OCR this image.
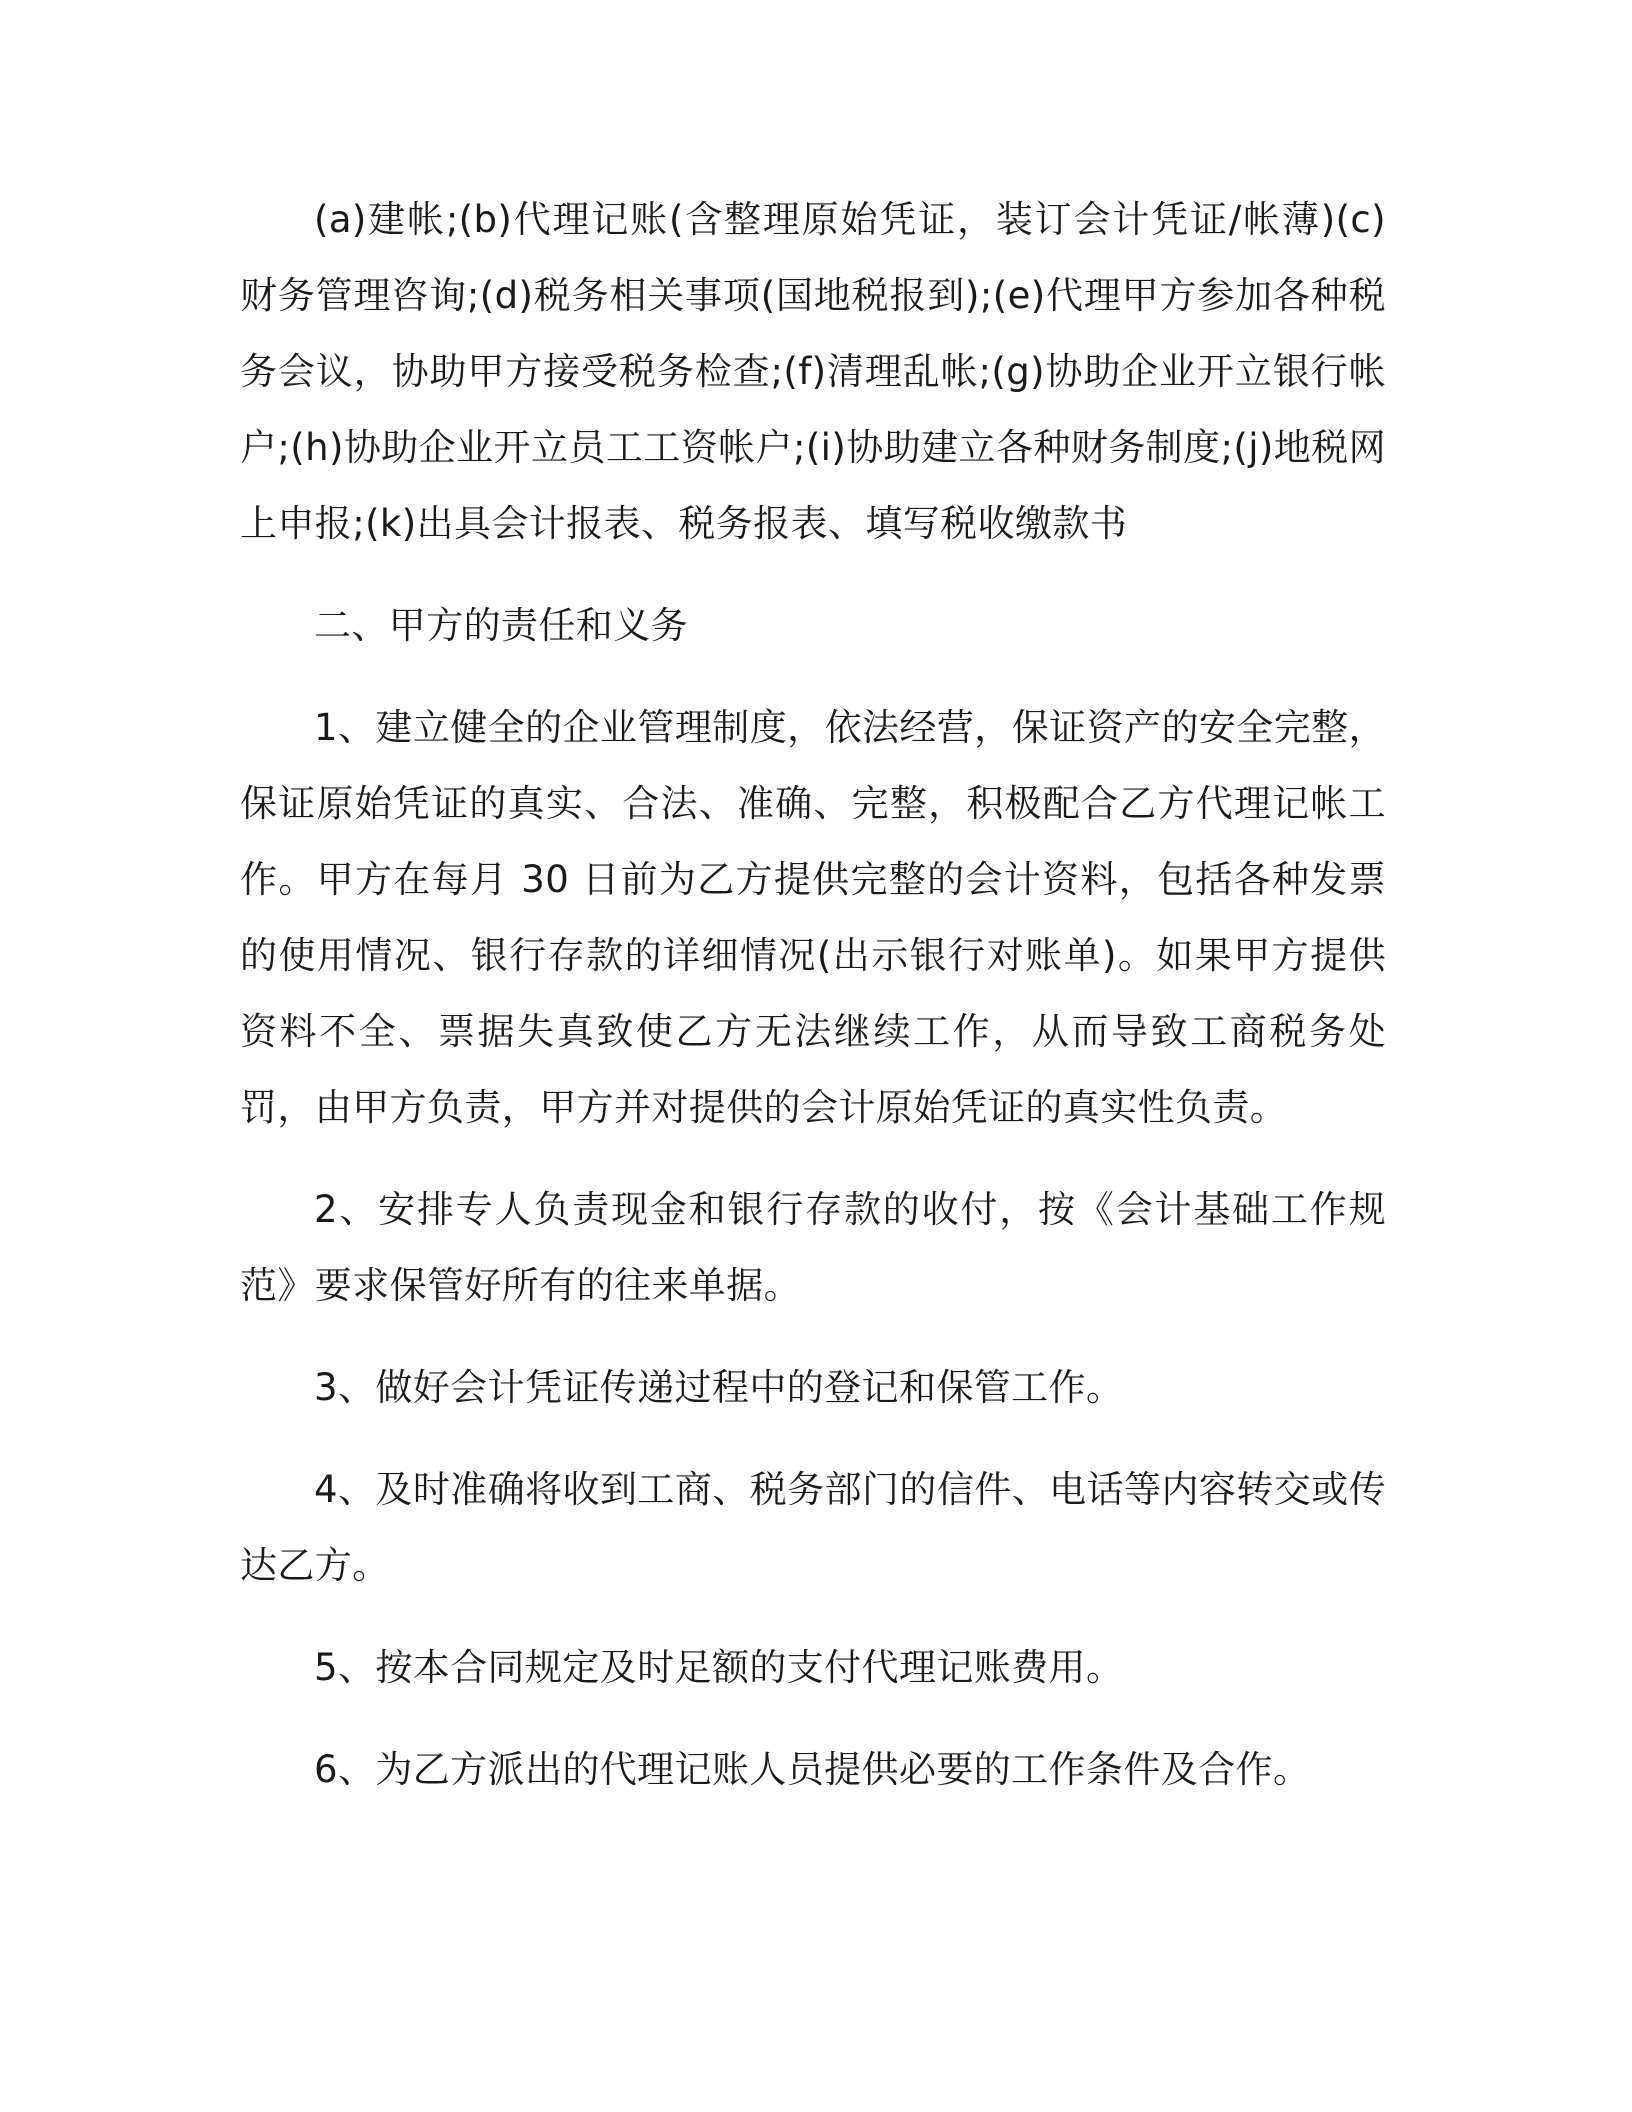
(a)建帐;(b)代理记账(含整理原始凭证，装订会计凭证/帐薄)(c)财务管理咨询;(d)税务相关事项(国地税报到);(e)代理甲方参加各种税务会议，协助甲方接受税务检查;(f)清理乱帐;(g)协助企业开立银行帐户;(h)协助企业开立员工工资帐户;(i)协助建立各种财务制度;(j)地税网上申报;(k)出具会计报表、税务报表、填写税收缴款书

二、甲方的责任和义务

1、建立健全的企业管理制度，依法经营，保证资产的安全完整，保证原始凭证的真实、合法、准确、完整，积极配合乙方代理记帐工作。甲方在每月 30 日前为乙方提供完整的会计资料，包括各种发票的使用情况、银行存款的详细情况(出示银行对账单)。如果甲方提供资料不全、票据失真致使乙方无法继续工作，从而导致工商税务处罚，由甲方负责，甲方并对提供的会计原始凭证的真实性负责。

2、安排专人负责现金和银行存款的收付，按《会计基础工作规范》要求保管好所有的往来单据。

3、做好会计凭证传递过程中的登记和保管工作。

4、及时准确将收到工商、税务部门的信件、电话等内容转交或传达乙方。

5、按本合同规定及时足额的支付代理记账费用。

6、为乙方派出的代理记账人员提供必要的工作条件及合作。
